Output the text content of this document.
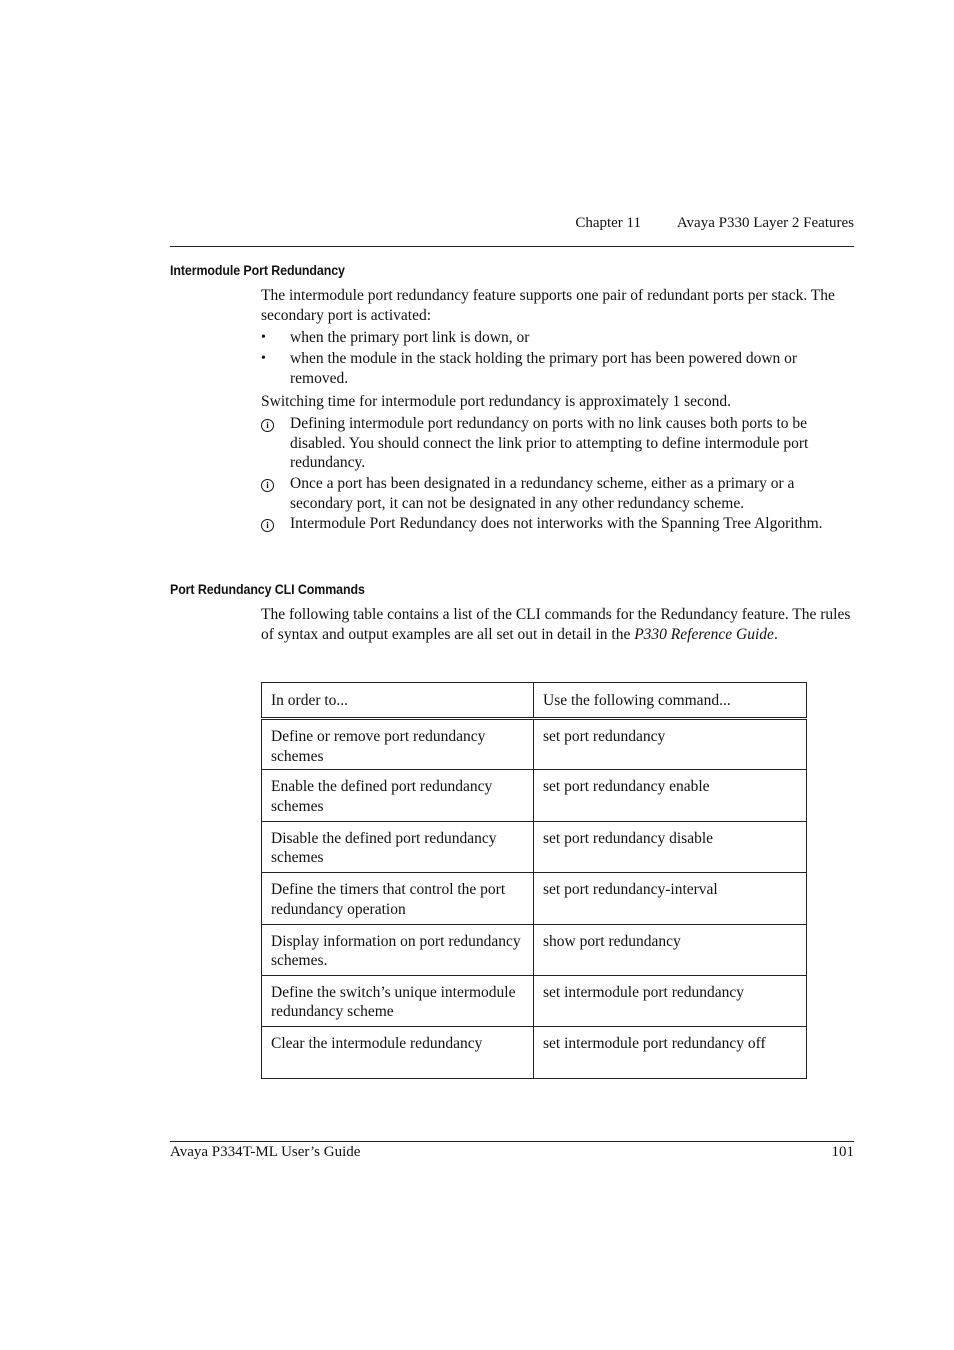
Chapter 11 Avaya P330 Layer 2 Features
Intermodule Port Redundancy

The intermodule port redundancy feature supports one pair of redundant ports per stack. The secondary port is activated:

•	when the primary port link is down, or
•	when the module in the stack holding the primary port has been powered down or removed.

Switching time for intermodule port redundancy is approximately 1 second.

i	Defining intermodule port redundancy on ports with no link causes both ports to be disabled. You should connect the link prior to attempting to define intermodule port redundancy.
i	Once a port has been designated in a redundancy scheme, either as a primary or a secondary port, it can not be designated in any other redundancy scheme.
i	Intermodule Port Redundancy does not interworks with the Spanning Tree Algorithm.
Port Redundancy CLI Commands

The following table contains a list of the CLI commands for the Redundancy feature. The rules of syntax and output examples are all set out in detail in the P330 Reference Guide.

In order to...	Use the following command...
Define or remove port redundancy schemes	set port redundancy
Enable the defined port redundancy schemes	set port redundancy enable
Disable the defined port redundancy schemes	set port redundancy disable
Define the timers that control the port redundancy operation	set port redundancy-interval
Display information on port redundancy schemes.	show port redundancy
Define the switch’s unique intermodule redundancy scheme	set intermodule port redundancy
Clear the intermodule redundancy	set intermodule port redundancy off
Avaya P334T-ML User’s Guide	101
